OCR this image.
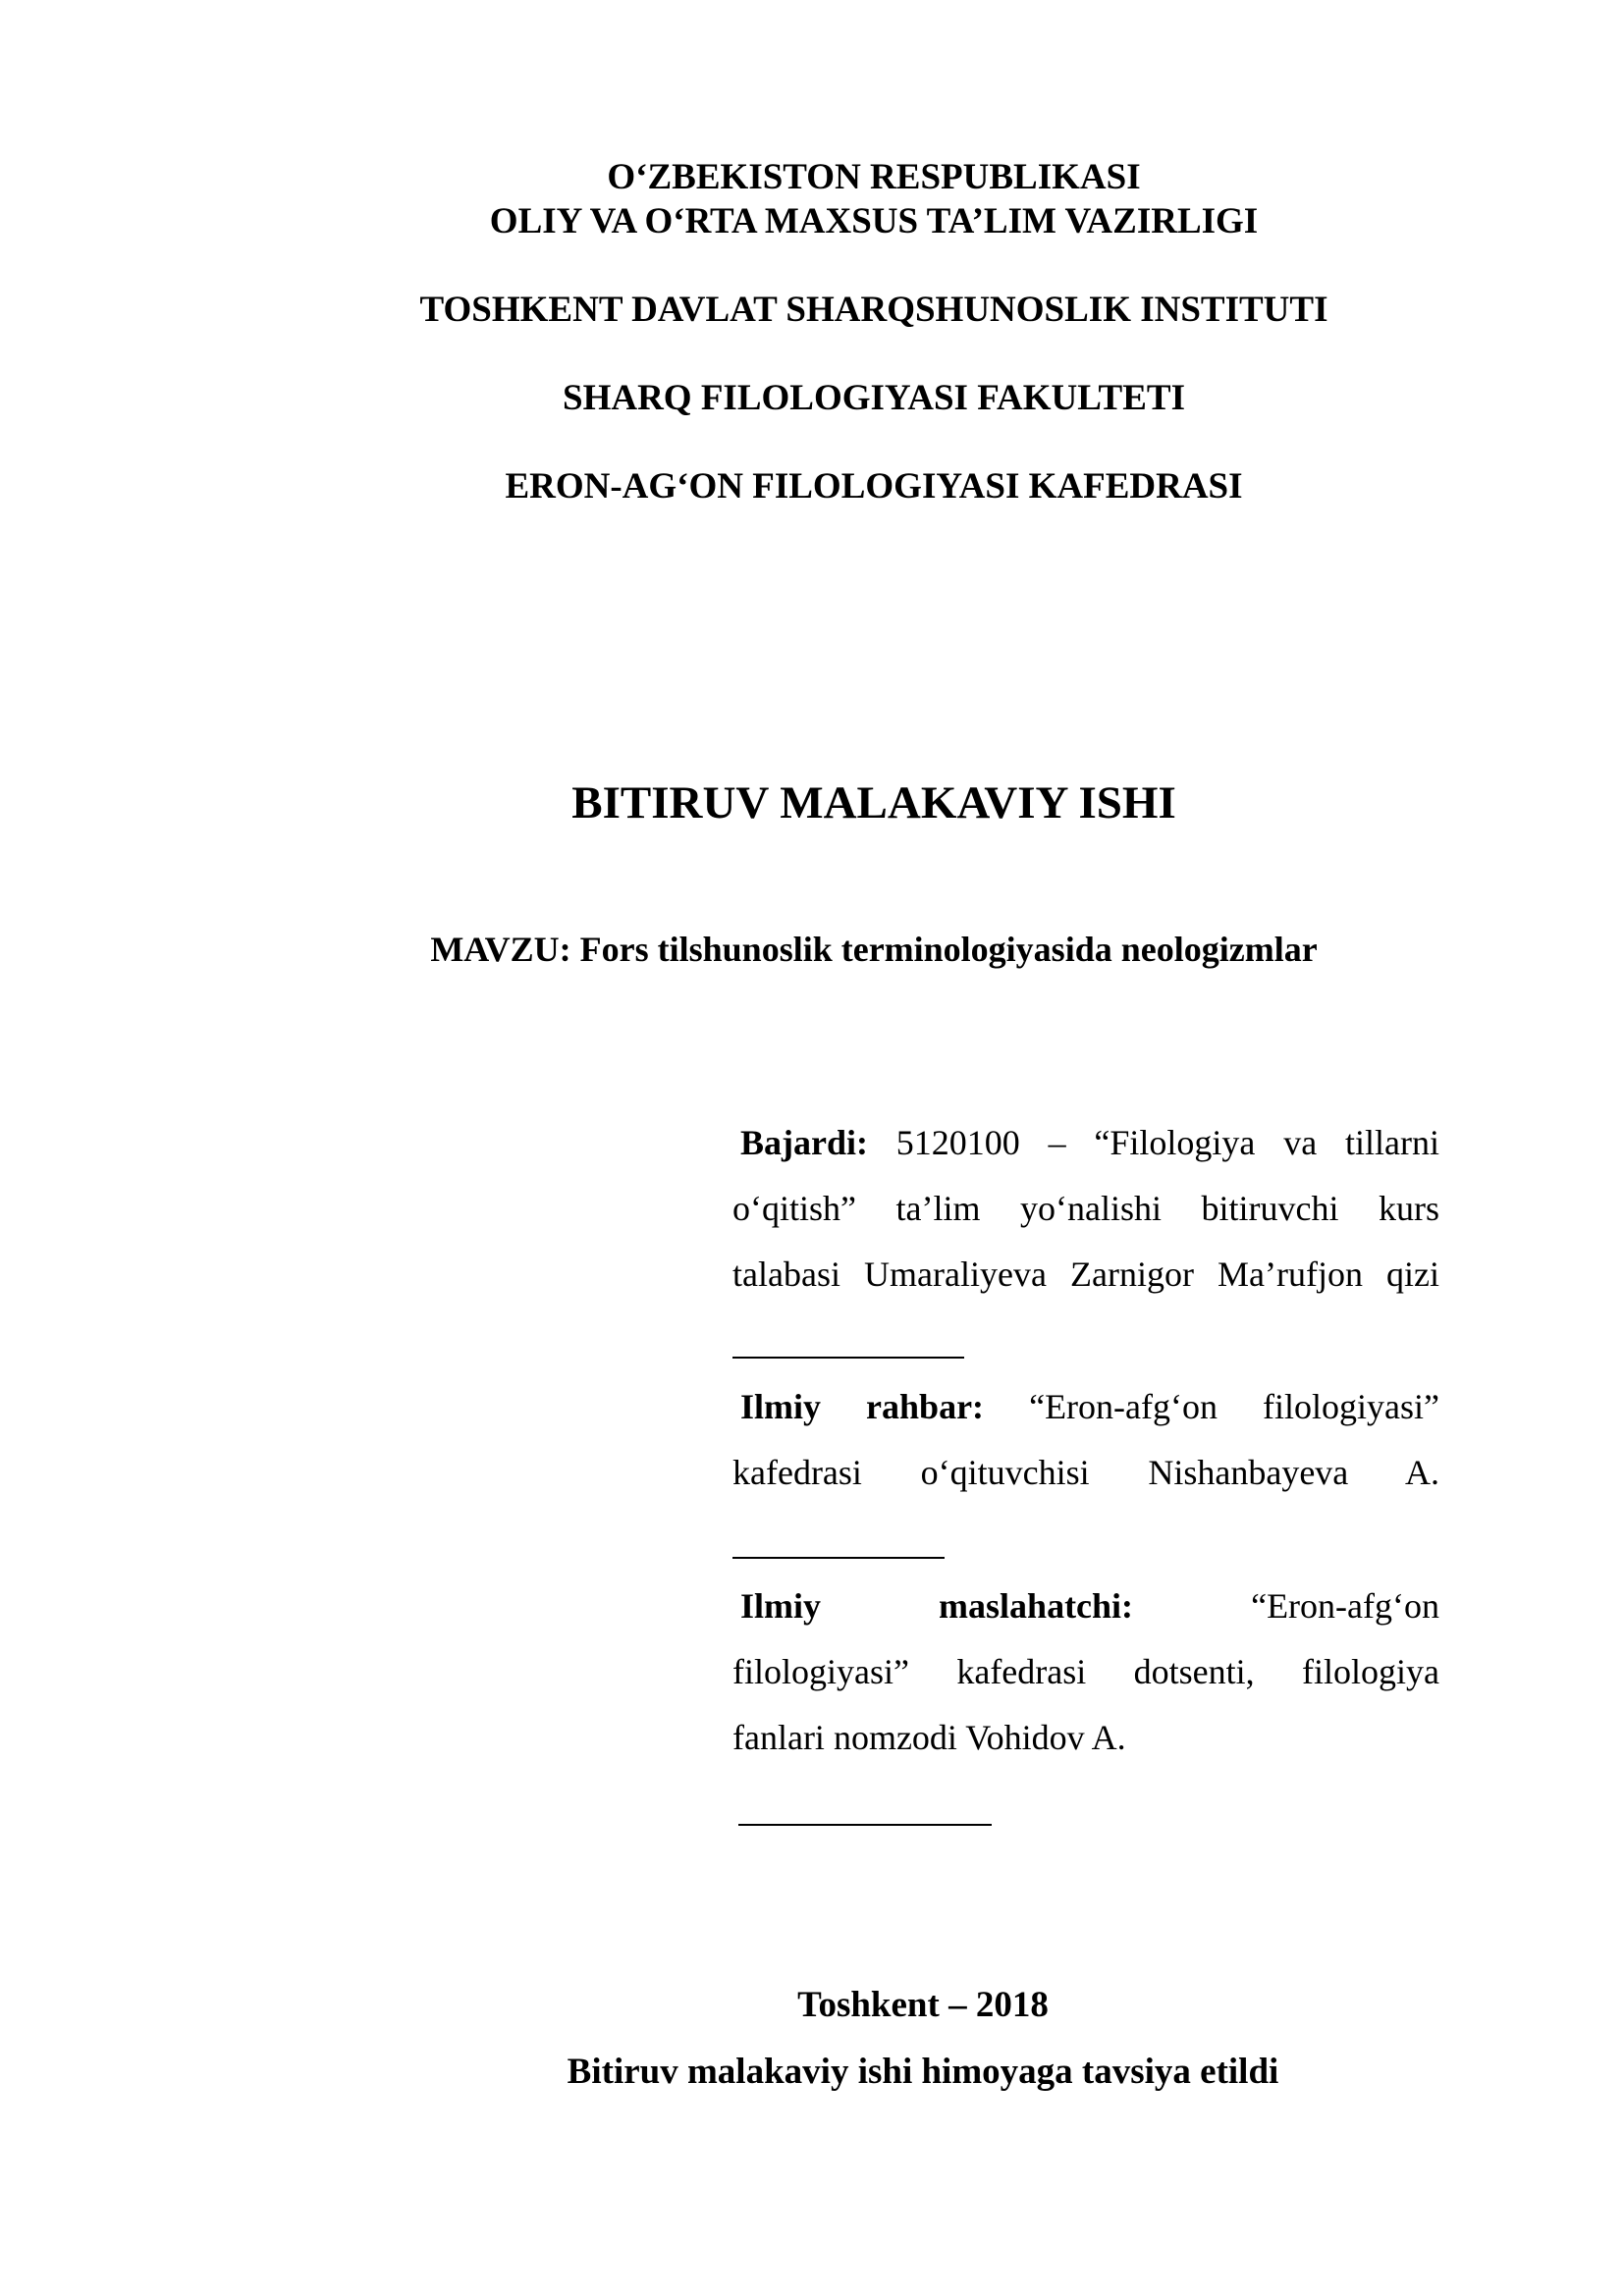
O‘ZBEKISTON RESPUBLIKASI
OLIY VA O‘RTA MAXSUS TA’LIM VAZIRLIGI
TOSHKENT DAVLAT SHARQSHUNOSLIK INSTITUTI
SHARQ FILOLOGIYASI FAKULTETI
ERON-AG‘ON FILOLOGIYASI KAFEDRASI
BITIRUV MALAKAVIY ISHI
MAVZU: Fors tilshunoslik terminologiyasida neologizmlar

Bajardi: 5120100 – “Filologiya va tillarni

o‘qitish” ta’lim yo‘nalishi bitiruvchi kurs

talabasi Umaraliyeva Zarnigor Ma’rufjon qizi

Ilmiy rahbar: “Eron-afg‘on filologiyasi”

kafedrasi o‘qituvchisi Nishanbayeva A.

Ilmiy maslahatchi: “Eron-afg‘on

filologiyasi” kafedrasi dotsenti, filologiya

fanlari nomzodi Vohidov A.

Toshkent – 2018
Bitiruv malakaviy ishi himoyaga tavsiya etildi
